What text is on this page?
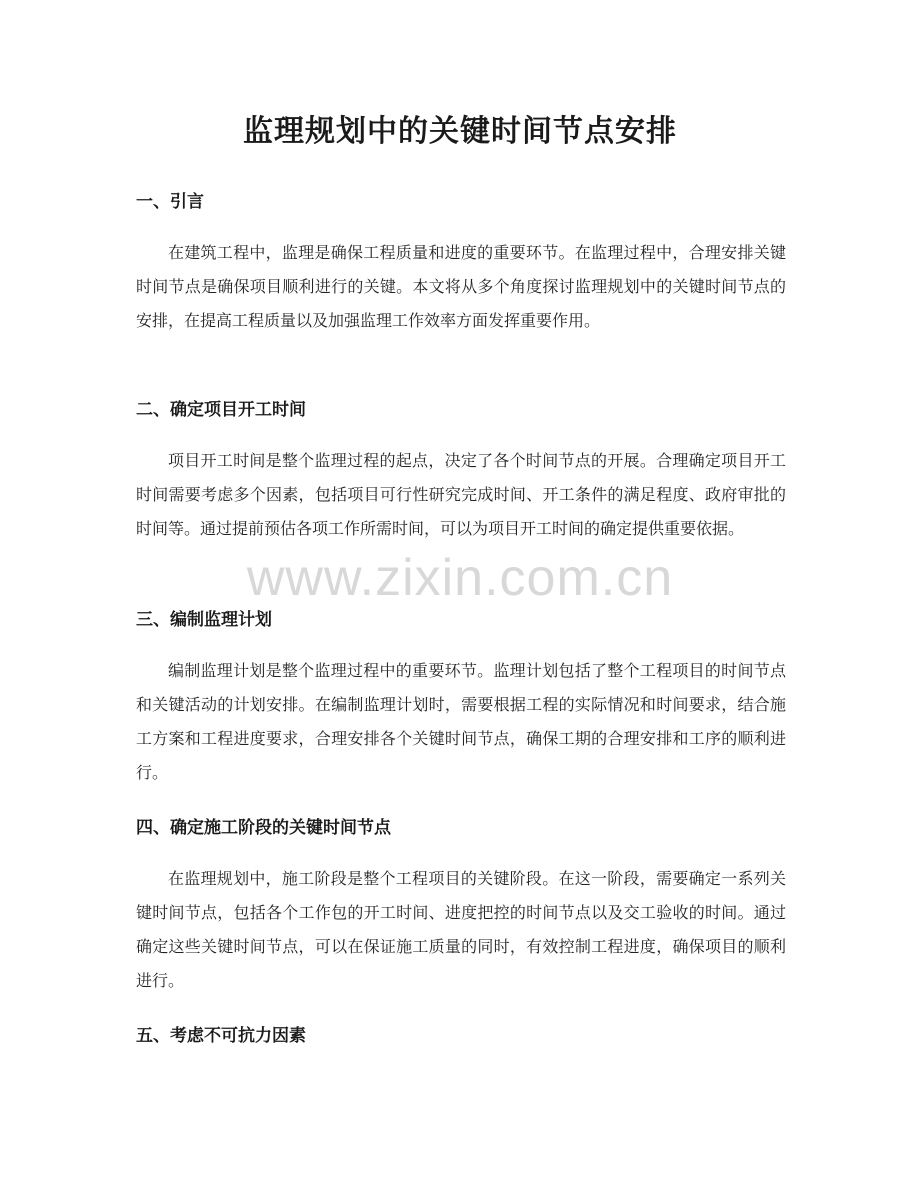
监理规划中的关键时间节点安排
一、引言

在建筑工程中，监理是确保工程质量和进度的重要环节。在监理过程中，合理安排关键时间节点是确保项目顺利进行的关键。本文将从多个角度探讨监理规划中的关键时间节点的安排，在提高工程质量以及加强监理工作效率方面发挥重要作用。

二、确定项目开工时间

项目开工时间是整个监理过程的起点，决定了各个时间节点的开展。合理确定项目开工时间需要考虑多个因素，包括项目可行性研究完成时间、开工条件的满足程度、政府审批的时间等。通过提前预估各项工作所需时间，可以为项目开工时间的确定提供重要依据。

三、编制监理计划

编制监理计划是整个监理过程中的重要环节。监理计划包括了整个工程项目的时间节点和关键活动的计划安排。在编制监理计划时，需要根据工程的实际情况和时间要求，结合施工方案和工程进度要求，合理安排各个关键时间节点，确保工期的合理安排和工序的顺利进行。

四、确定施工阶段的关键时间节点

在监理规划中，施工阶段是整个工程项目的关键阶段。在这一阶段，需要确定一系列关键时间节点，包括各个工作包的开工时间、进度把控的时间节点以及交工验收的时间。通过确定这些关键时间节点，可以在保证施工质量的同时，有效控制工程进度，确保项目的顺利进行。

五、考虑不可抗力因素
www.zixin.com.cn
